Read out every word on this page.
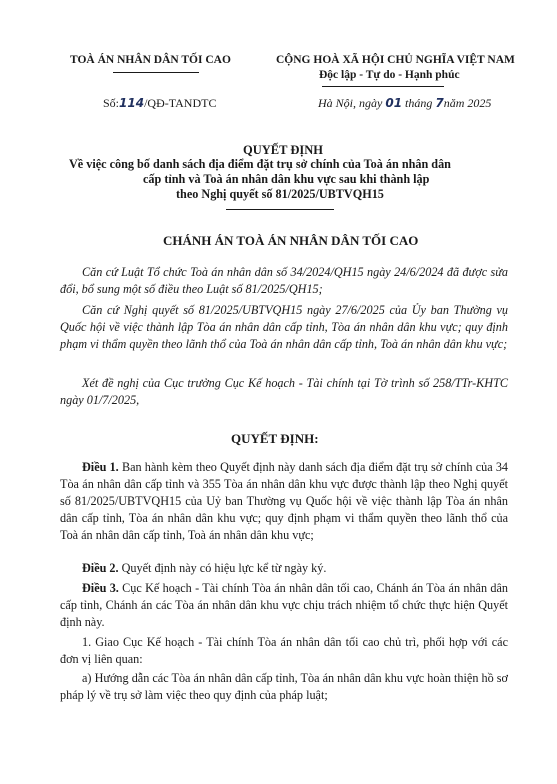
TOÀ ÁN NHÂN DÂN TỐI CAO	CỘNG HOÀ XÃ HỘI CHỦ NGHĨA VIỆT NAM
Độc lập - Tự do - Hạnh phúc
Số:114/QĐ-TANDTC	Hà Nội, ngày 01 tháng 7năm 2025
QUYẾT ĐỊNH
Về việc công bố danh sách địa điểm đặt trụ sở chính của Toà án nhân dân
cấp tỉnh và Toà án nhân dân khu vực sau khi thành lập
theo Nghị quyết số 81/2025/UBTVQH15
CHÁNH ÁN TOÀ ÁN NHÂN DÂN TỐI CAO

Căn cứ Luật Tổ chức Toà án nhân dân số 34/2024/QH15 ngày 24/6/2024 đã được sửa đổi, bổ sung một số điều theo Luật số 81/2025/QH15;

Căn cứ Nghị quyết số 81/2025/UBTVQH15 ngày 27/6/2025 của Ủy ban Thường vụ Quốc hội về việc thành lập Tòa án nhân dân cấp tỉnh, Tòa án nhân dân khu vực; quy định phạm vi thẩm quyền theo lãnh thổ của Toà án nhân dân cấp tỉnh, Toà án nhân dân khu vực;

Xét đề nghị của Cục trưởng Cục Kế hoạch - Tài chính tại Tờ trình số 258/TTr-KHTC ngày 01/7/2025,

QUYẾT ĐỊNH:

Điều 1. Ban hành kèm theo Quyết định này danh sách địa điểm đặt trụ sở chính của 34 Tòa án nhân dân cấp tỉnh và 355 Tòa án nhân dân khu vực được thành lập theo Nghị quyết số 81/2025/UBTVQH15 của Uỷ ban Thường vụ Quốc hội về việc thành lập Tòa án nhân dân cấp tỉnh, Tòa án nhân dân khu vực; quy định phạm vi thẩm quyền theo lãnh thổ của Toà án nhân dân cấp tỉnh, Toà án nhân dân khu vực;

Điều 2. Quyết định này có hiệu lực kể từ ngày ký.

Điều 3. Cục Kế hoạch - Tài chính Tòa án nhân dân tối cao, Chánh án Tòa án nhân dân cấp tỉnh, Chánh án các Tòa án nhân dân khu vực chịu trách nhiệm tổ chức thực hiện Quyết định này.

1. Giao Cục Kế hoạch - Tài chính Tòa án nhân dân tối cao chủ trì, phối hợp với các đơn vị liên quan:

a) Hướng dẫn các Tòa án nhân dân cấp tỉnh, Tòa án nhân dân khu vực hoàn thiện hồ sơ pháp lý về trụ sở làm việc theo quy định của pháp luật;
